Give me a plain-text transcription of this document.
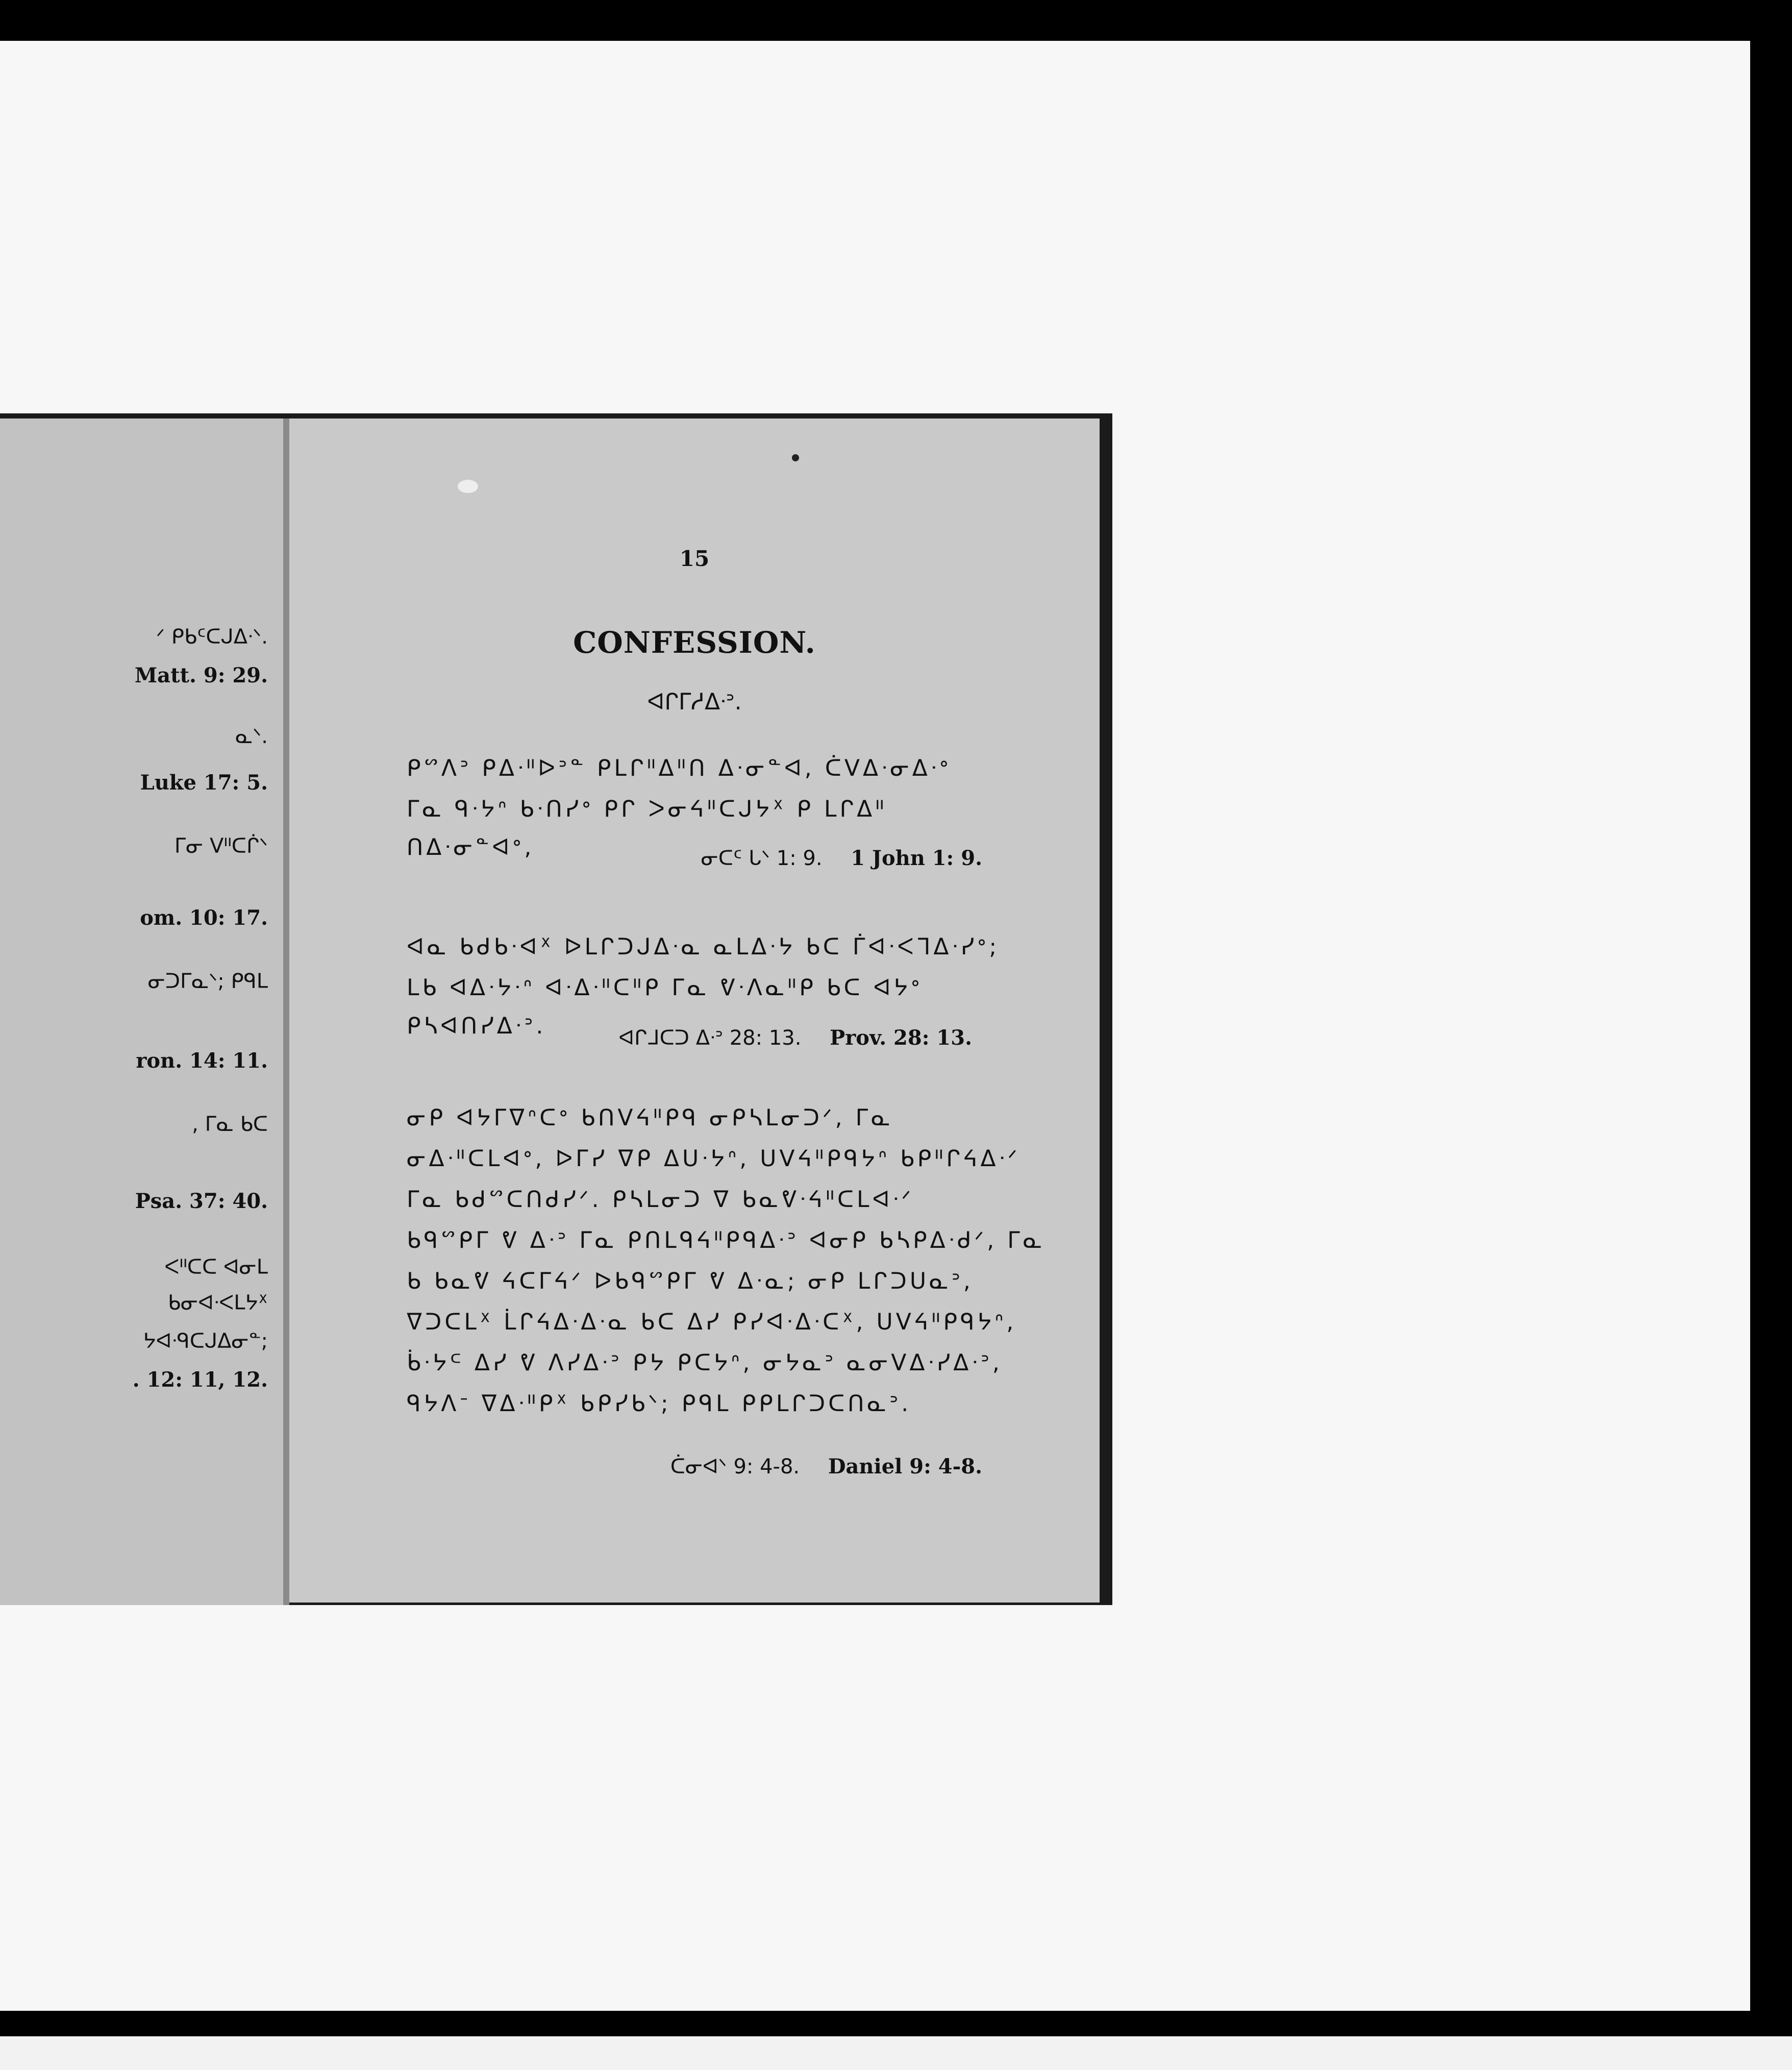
ᐟ ᑭᑲᑦᑕᒍᐃᐧᐠ.
Matt. 9: 29.
ᓇᐠ.
Luke 17: 5.
ᒥᓂ ᐯᐦᑕᒌᐠ
om. 10: 17.
ᓂᑐᒥᓇᐠ; ᑭᑫᒪ
ron. 14: 11.
, ᒥᓇ ᑲᑕ
Psa. 37: 40.
ᐸᐦᑕᑕ ᐊᓂᒪ
ᑲᓂᐊᐧᐸᒪᔭᕽ
ᔭᐊᐧᑫᑕᒍᐃᓂᓐ;
. 12: 11, 12.
15
CONFESSION.
ᐊᒋᒥᓱᐃᐧᐣ.
ᑭᔥᐱᐣ ᑭᐃᐧᐦᐅᐣᓐ ᑭᒪᒋᐦᐃᐦᑎ ᐃᐧᓂᓐᐊ, ᑖᐯᐃᐧᓂᐃᐧᐤ
ᒥᓇ ᑫᐧᔭᐢ ᑲᐧᑎᓯᐤ ᑭᒋ ᐳᓂᔦᐦᑕᒍᔭᕽ ᑭ ᒪᒋᐃᐦ
ᑎᐃᐧᓂᓐᐊᐤ,	ᓂᑕᑦ ᒐᐠ 1: 9. 1 John 1: 9.
ᐊᓇ ᑲᑯᑲᐧᐊᕽ ᐅᒪᒋᑐᒍᐃᐧᓇ ᓇᒪᐃᐧᔭ ᑲᑕ ᒦᐊᐧᐸᒣᐃᐧᓯᐤ;
ᒪᑲ ᐊᐃᐧᔭᐧᐢ ᐊᐧᐃᐧᐦᑕᐦᑭ ᒥᓇ ᕓᐧᐱᓇᐦᑭ ᑲᑕ ᐊᔭᐤ
ᑭᓴᐊᑎᓯᐃᐧᐣ.	ᐊᒋᒧᑕᑐ ᐃᐧᐣ 28: 13. Prov. 28: 13.
ᓂᑭ ᐊᔭᒥᐁᐢᑕᐤ ᑲᑎᐯᔦᐦᑭᑫ ᓂᑭᓴᒪᓂᑐᐟ, ᒥᓇ
ᓂᐃᐧᐦᑕᒪᐊᐤ, ᐅᒥᓯ ᐁᑭ ᐃᑌᐧᔭᐢ, ᑌᐯᔦᐦᑭᑫᔭᐢ ᑲᑭᐦᒋᔦᐃᐧᐟ
ᒥᓇ ᑲᑯᔥᑕᑎᑯᓯᐟ. ᑭᓴᒪᓂᑐ ᐁ ᑲᓇᕓᐧᔦᐦᑕᒪᐊᐧᐟ
ᑲᑫᔥᑭᒥ ᕓ ᐃᐧᐣ ᒥᓇ ᑭᑎᒪᑫᔦᐦᑭᑫᐃᐧᐣ ᐊᓂᑭ ᑲᓴᑭᐃᐧᑯᐟ, ᒥᓇ
ᑲ ᑲᓇᕓ ᔦᑕᒥᔦᐟ ᐅᑲᑫᔥᑭᒥ ᕓ ᐃᐧᓇ; ᓂᑭ ᒪᒋᑐᑌᓇᐣ,
ᐁᑐᑕᒪᕽ ᒫᒋᔦᐃᐧᐃᐧᓇ ᑲᑕ ᐃᓯ ᑭᓯᐊᐧᐃᐧᑕᕽ, ᑌᐯᔦᐦᑭᑫᔭᐢ,
ᑳᐧᔭᒼ ᐃᓯ ᕓ ᐱᓯᐃᐧᐣ ᑭᔭ ᑭᑕᔭᐢ, ᓂᔭᓇᐣ ᓇᓂᐯᐃᐧᓯᐃᐧᐣ,
ᑫᔭᐱᐨ ᐁᐃᐧᐦᑭᕽ ᑲᑭᓯᑲᐠ; ᑭᑫᒪ ᑭᑭᒪᒋᑐᑕᑎᓇᐣ.
ᑖᓂᐊᐠ 9: 4-8. Daniel 9: 4-8.
